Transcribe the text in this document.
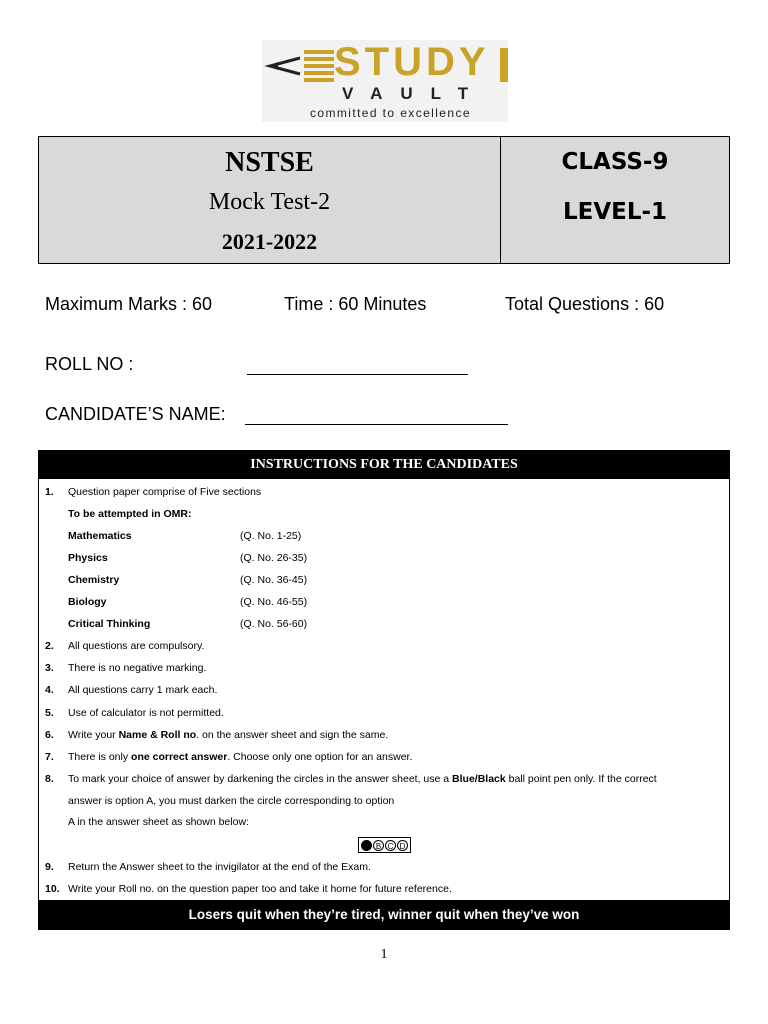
STUDY
VAULT
committed to excellence
NSTSE
Mock Test-2
2021-2022
CLASS-9
LEVEL-1
Maximum Marks : 60	Time : 60 Minutes	Total Questions : 60
ROLL NO :
CANDIDATE’S NAME:
INSTRUCTIONS FOR THE CANDIDATES
1. Question paper comprise of Five sections
To be attempted in OMR:
Mathematics	(Q. No. 1-25)
Physics	(Q. No. 26-35)
Chemistry	(Q. No. 36-45)
Biology	(Q. No. 46-55)
Critical Thinking	(Q. No. 56-60)
2. All questions are compulsory.
3. There is no negative marking.
4. All questions carry 1 mark each.
5. Use of calculator is not permitted.
6. Write your Name & Roll no. on the answer sheet and sign the same.
7. There is only one correct answer. Choose only one option for an answer.
8. To mark your choice of answer by darkening the circles in the answer sheet, use a Blue/Black ball point pen only. If the correct
answer is option A, you must darken the circle corresponding to option
A in the answer sheet as shown below:
B C D
9. Return the Answer sheet to the invigilator at the end of the Exam.
10. Write your Roll no. on the question paper too and take it home for future reference.
Losers quit when they’re tired, winner quit when they’ve won
1
